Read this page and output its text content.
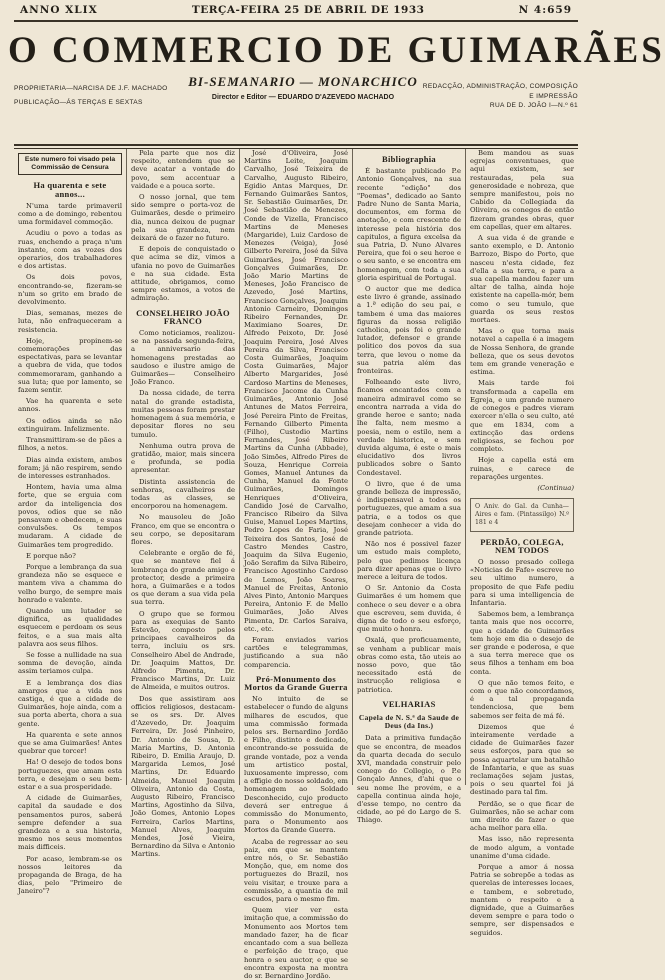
ANNO XLIX	TERÇA-FEIRA 25 DE ABRIL DE 1933	N 4:659
O COMMERCIO DE GUIMARÃES
PROPRIETARIA—NARCISA DE J.F. MACHADO
PUBLICAÇÃO—ÁS TERÇAS E SEXTAS
BI-SEMANARIO — MONARCHICO
Director e Editor — EDUARDO D'AZEVEDO MACHADO
REDACÇÃO, ADMINISTRAÇÃO, COMPOSIÇÃO
E IMPRESSÃO
RUA DE D. JOÃO I—N.º 61
Este numero foi visado pela Commissão de Censura
Ha quarenta e sete annos...

N'uma tarde primaveril como a de domingo, rebentou uma formidavel commoção.

Acudiu o povo a todas as ruas, enchendo a praça n'um instante, com as vozes dos operarios, dos trabalhadores e dos artistas.

Os dois povos, encontrando-se, fizeram-se n'um so grito em brado de devolvimento.

Dias, semanas, mezes de luta, não enfraqueceram a resistencia.

Hoje, propinem-se comemorações das espectativas, para se levantar a quebra de vida, que todos commemoraram, ganhando a sua luta; que por lamento, se fazem sentir.

Vae ha quarenta e sete annos.

Os odios ainda se não extinguiram. Infelizmente.

Transmittiram-se de pães a filhos, a netos.

Dias ainda existem, ambos foram; já não respirem, sendo de interesses estranhados.

Hontem, havia uma alma forte, que se erguia com ardor da inteligencia dos povos, odios que se não pensavam e obedecem, e suas convulsões. Os tempos mudaram. A cidade de Guimarães tem progredido.

E porque não?

Porque a lembrança da sua grandeza não se esquece e mantem viva a chamma do velho burgo, de sempre mais honrado e valente.

Quando um lutador se dignifica, as qualidades esquecem e perdoam os seus feitos, e a sua mais alta palavra aos seus filhos.

Se fosse a nullidade na sua somma de devoção, ainda assim teriamos culpa.

E a lembrança dos dias amargos que a vida nos castiga, é que a cidade de Guimarães, hoje ainda, com a sua porta aberta, chora a sua gente.

Ha quarenta e sete annos que se ama Guimarães! Antes quebrar que torcer!

Ha! O desejo de todos bons portuguezes, que amam esta terra, e desejam o seu bem-estar e a sua prosperidade.

A cidade de Guimarães, capital da saudade e dos pensamentos puros, saberá sempre defender a sua grandeza e a sua historia, mesmo nos seus momentos mais difficeis.

Por acaso, lembram-se os nossos leitores da propaganda de Braga, de ha dias, pelo "Primeiro de Janeiro"?

Pela parte que nos diz respeito, entendem que se deve acatar a vontade do povo, sem accentuar a vaidade e a pouca sorte.

O nosso jornal, que tem sido sempre o porta-voz de Guimarães, desde o primeiro dia, nunca deixou de pugnar pela sua grandeza, nem deixará de o fazer no futuro.

E depois de conquistado o que acima se diz, vimos a ufania no povo de Guimarães e na sua cidade. Esta attitude, obrigamos, como sempre estamos, a votos de admiração.

CONSELHEIRO JOÃO FRANCO

Como noticiamos, realizou-se na passada segunda-feira, a anniversario das homenagens prestadas ao saudoso e ilustre amigo de Guimarães— Conselheiro João Franco.

Da nossa cidade, de terra natal do grande estadista, muitas pessoas foram prestar homenagem á sua memória, e depositar flores no seu tumulo.

Nenhuma outra prova de gratidão, maior, mais sincera e profunda, se podia apresentar.

Distinta assistencia de senhoras, cavalheiros de todas as classes, se encorporou na homenagem.

No mausoleu de João Franco, em que se encontra o seu corpo, se depositaram flores.

Celebrante e orgão de fé, que se manteve fiel á lembrança do grande amigo e protector, desde a primeira hora, a Guimarães e a todos os que deram a sua vida pela sua terra.

O grupo que se formou para as exequias de Santo Estevão, composto pelos principaes cavalheiros da terra, incluiu os srs. Conselheiro Abel de Andrade, Dr. Joaquim Mattos, Dr. Alfredo Pimenta, Dr. Francisco Martins, Dr. Luiz de Almeida, e muitos outros.

Dos que assistiram aos officios religiosos, destacam-se os srs. Dr. Alves d'Azevedo, Dr. Joaquim Ferreira, Dr. José Pinheiro, Dr. Antonio de Sousa, D. Maria Martins, D. Antonia Ribeiro, D. Emilia Araujo, D. Margarida Lemos, José Martins, Dr. Eduardo Almeida, Manuel Joaquim Oliveira, Antonio da Costa, Augusto Ribeiro, Francisco Martins, Agostinho da Silva, João Gomes, Antonio Lopes Ferreira, Carlos Martins, Manuel Alves, Joaquim Mendes, José Vieira, Bernardino da Silva e Antonio Martins.

José d'Oliveira, José Martins Leite, Joaquim Carvalho, José Teixeira de Carvalho, Augusto Ribeiro, Egidio Antas Marques, Dr. Fernando Guimarães Santos, Sr. Sebastião Guimarães, Dr. José Sebastião de Menezes, Conde de Vizella, Francisco Martins de Meneses (Margaride), Luiz Cardoso de Menezes (Veiga), José Gilberto Pereira, José da Silva Guimarães, José Francisco Gonçalves Guimarães, Dr. João Mario Martins de Meneses, João Francisco de Azevedo, José Martins, Francisco Gonçalves, Joaquim Antonio Carneiro, Domingos Ribeiro Fernandes, Dr. Maximiano Soares, Dr. Alfredo Peixoto, Dr. José Joaquim Pereira, José Alves Pereira da Silva, Francisco Costa Guimarães, Joaquim Costa Guimarães, Major Alberto Margarides, José Cardoso Martins de Meneses, Francisco Jacome da Cunha Guimarães, Antonio José Antunes de Matos Ferreira, José Pereira Pinto de Freitas, Fernando Gilberto Pimenta (Filho), Custodio Martins Fernandes, José Ribeiro Martins da Cunha (Abbade), João Simões, Alfredo Pires de Souza, Henrique Correia Gomes, Manuel Antunes da Cunha, Manuel da Fonte Guimarães, Domingos Henriques d'Oliveira, Candido José de Carvalho, Francisco Ribeiro da Silva Guise, Manuel Lopes Martins, Pedro Lopes de Faria, José Teixeira dos Santos, José de Castro Mendes Castro, Joaquim da Silva Eugenio, João Serafim da Silva Ribeiro, Francisco Agostinho Cardoso de Lemos, João Soares, Manuel de Freitas, Antonio Alves Pinto, Antonio Marques Pereira, Antonio F. de Mello Guimarães, João Alves Pimenta, Dr. Carlos Saraiva, etc., etc.

Foram enviados varios cartões e telegrammas, justificando a sua não comparencia.

Pró-Monumento dos Mortos da Grande Guerra

No intuito de se estabelecer o fundo de alguns milhares de escudos, que uma commissão formada pelos srs. Bernardino Jordão e Filho, distinto e dedicado, encontrando-se possuida de grande vontade, poz a venda um artistico postal, luxuosamente impresso, com a effigie do nosso soldado, em homenagem ao Soldado Desconhecido, cujo producto deverá ser entregue á commissão do Monumento, para o Monumento aos Mortos da Grande Guerra.

Acaba de regressar ao seu paiz, em que se mantem entre nós, o Sr. Sebastião Monção, que, em nome dos portuguezes do Brazil, nos veiu visitar, e trouxe para a commissão, a quantia de mil escudos, para o mesmo fim.

Quem vier ver esta imitação que, a commissão do Monumento aos Mortos tem mandado fazer, ha de ficar encantado com a sua belleza e perfeição de traço, que honra o seu auctor, e que se encontra exposta na montra do sr. Bernardino Jordão.

Bibliographia

É bastante publicado P.e Antonio Gonçalves, na sua recente "edição" dos "Poemas", dedicado ao Santo Padre Nuno de Santa Maria, documentos, em forma de anotação, e com crescente de interesse pela história dos capitulos, a figura excelsa da sua Patria, D. Nuno Alvares Pereira, que foi o seu heroe e o seu santo, e se encontra em homenagem, com toda a sua gloria espiritual de Portugal.

O auctor que me dedica este livro é grande, assinado a 1.ª edição do seu pai, e tambem é uma das maiores figuras da nossa religião catholica, pois foi o grande lutador, defensor e grande politico dos povos da sua terra, que levou o nome da sua patria além das fronteiras.

Folheando este livro, ficamos encantados com a maneira admiravel como se encontra narrada a vida do grande heroe e santo; nada lhe falta, nem mesmo a poesia, nem o estilo, nem a verdade historica, e sem duvida alguma, é este o mais elucidativo dos livros publicados sobre o Santo Condestavel.

O livro, que é de uma grande belleza de impressão, é indispensavel a todos os portuguezes, que amam a sua patria, e a todos os que desejam conhecer a vida do grande patriota.

Não nos é possivel fazer um estudo mais completo, pelo que pedimos licença para dizer apenas que o livro merece a leitura de todos.

O Sr. Antonio da Costa Guimarães é um homem que conhece o seu dever e a obra que escreveu, sem duvida, é digna de todo o seu esforço, que muito o honra.

Oxalá, que proficuamente, se venham a publicar mais obras como esta, tão uteis ao nosso povo, que tão necessitado está de instrucção religiosa e patriotica.

VELHARIAS
Capela de N. S.ª da Saude de Deus (da Ins.)

Data a primitiva fundação que se encontra, de meados da quarta decada do seculo XVI, mandada construir pelo conego do Collegio, o P.e Gonçalo Annes, d'ahi que o seu nome lhe provém, e a capella continua ainda hoje, d'esse tempo, no centro da cidade, ao pé do Largo de S. Thiago.

Bem mandou as suas egrejas conventuaes, que aqui existem, ser restauradas, pela sua generosidade e nobreza, que sempre manifestou, pois no Cabido da Collegiada da Oliveira, os conegos de então fizeram grandes obras, quer em capellas, quer em altares.

A sua vida é de grande e santo exemplo, e D. Antonio Barrozo, Bispo do Porto, que nasceu n'esta cidade, fez d'ella a sua terra, e para a sua capella mandou fazer um altar de talha, ainda hoje existente na capella-mór, bem como o seu tumulo, que guarda os seus restos mortaes.

Mas o que torna mais notavel a capella é a imagem de Nossa Senhora, de grande belleza, que os seus devotos tem em grande veneração e estima.

Mais tarde foi transformada a capella em Egreja, e um grande numero de conegos e padres vieram exercer n'ella o seu culto, até que em 1834, com a extincção das ordens religiosas, se fechou por completo.

Hoje a capella está em ruinas, e carece de reparações urgentes.

(Continua)
O Aniv. do Gal. da Cunha—Aires e fam. (Pintassilgo) N.º 181 e 4
PERDÃO, COLEGA, NEM TODOS

O nosso presado collega «Noticias de Fafe» escreve no seu ultimo numero, a proposito de que Fafe pediu para si uma intelligencia de Infantaria.

Sabemos bem, a lembrança tanta mais que nos occorre, que a cidade de Guimarães tem hoje em dia o desejo de ser grande e poderosa, e que a sua terra merece que os seus filhos a tenham em boa conta.

O que não temos feito, e com o que não concordamos, é a tal propaganda tendenciosa, que bem sabemos ser feita de má fé.

Dizemos que é inteiramente verdade a cidade de Guimarães fazer seus esforços, para que se possa aquartelar um batalhão de Infantaria, e que as suas reclamações sejam justas, pois o seu quartel foi já destinado para tal fim.

Perdão, se o que ficar de Guimarães, não se achar com um direito de fazer o que acha melhor para ella.

Mas isso, não representa de modo algum, a vontade unanime d'uma cidade.

Porque a amor á nossa Patria se sobrepõe a todas as querelas de interesses locaes, e tambem, e sobretudo, mantem o respeito e a dignidade, que a Guimarães devem sempre e para todo o sempre, ser dispensados e seguidos.
